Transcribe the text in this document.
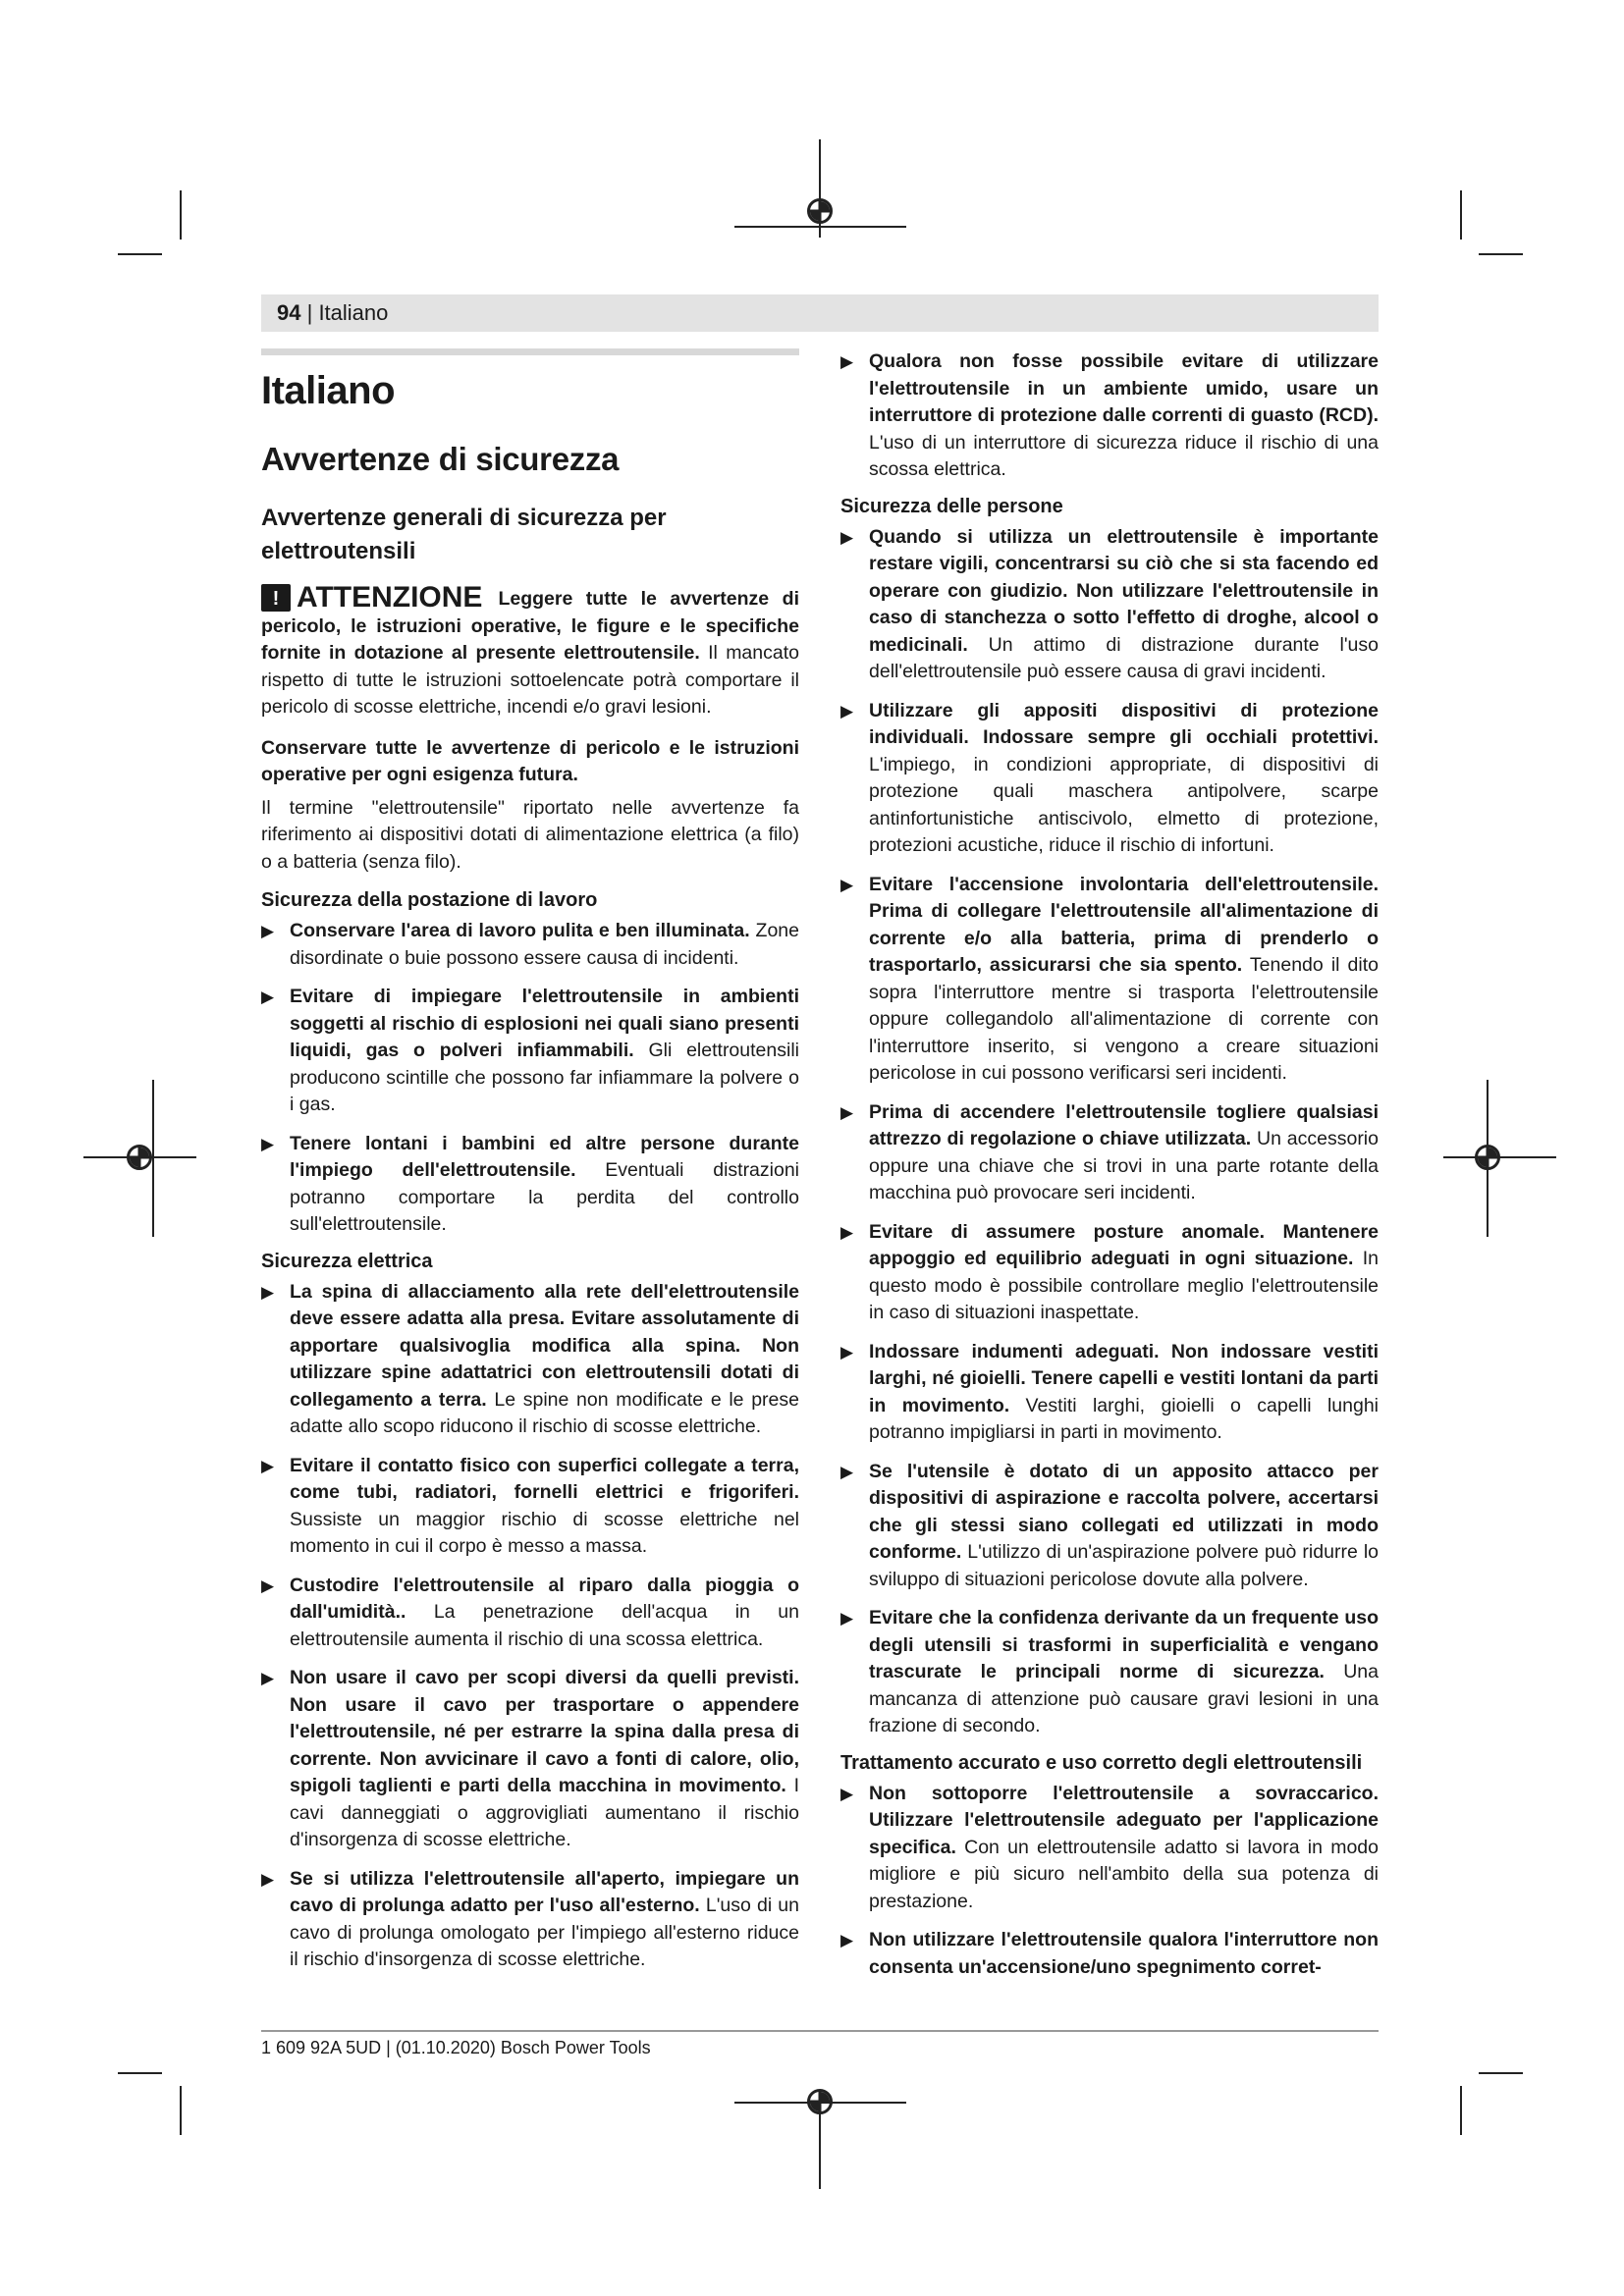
94 | Italiano
Italiano
Avvertenze di sicurezza
Avvertenze generali di sicurezza per elettroutensili
! ATTENZIONE Leggere tutte le avvertenze di pericolo, le istruzioni operative, le figure e le specifiche fornite in dotazione al presente elettroutensile. Il mancato rispetto di tutte le istruzioni sottoelencate potrà comportare il pericolo di scosse elettriche, incendi e/o gravi lesioni.

Conservare tutte le avvertenze di pericolo e le istruzioni operative per ogni esigenza futura.

Il termine "elettroutensile" riportato nelle avvertenze fa riferimento ai dispositivi dotati di alimentazione elettrica (a filo) o a batteria (senza filo).

Sicurezza della postazione di lavoro
▶ Conservare l'area di lavoro pulita e ben illuminata. Zone disordinate o buie possono essere causa di incidenti.
▶ Evitare di impiegare l'elettroutensile in ambienti soggetti al rischio di esplosioni nei quali siano presenti liquidi, gas o polveri infiammabili. Gli elettroutensili producono scintille che possono far infiammare la polvere o i gas.
▶ Tenere lontani i bambini ed altre persone durante l'impiego dell'elettroutensile. Eventuali distrazioni potranno comportare la perdita del controllo sull'elettroutensile.
Sicurezza elettrica
▶ La spina di allacciamento alla rete dell'elettroutensile deve essere adatta alla presa. Evitare assolutamente di apportare qualsivoglia modifica alla spina. Non utilizzare spine adattatrici con elettroutensili dotati di collegamento a terra. Le spine non modificate e le prese adatte allo scopo riducono il rischio di scosse elettriche.
▶ Evitare il contatto fisico con superfici collegate a terra, come tubi, radiatori, fornelli elettrici e frigoriferi. Sussiste un maggior rischio di scosse elettriche nel momento in cui il corpo è messo a massa.
▶ Custodire l'elettroutensile al riparo dalla pioggia o dall'umidità.. La penetrazione dell'acqua in un elettroutensile aumenta il rischio di una scossa elettrica.
▶ Non usare il cavo per scopi diversi da quelli previsti. Non usare il cavo per trasportare o appendere l'elettroutensile, né per estrarre la spina dalla presa di corrente. Non avvicinare il cavo a fonti di calore, olio, spigoli taglienti e parti della macchina in movimento. I cavi danneggiati o aggrovigliati aumentano il rischio d'insorgenza di scosse elettriche.
▶ Se si utilizza l'elettroutensile all'aperto, impiegare un cavo di prolunga adatto per l'uso all'esterno. L'uso di un cavo di prolunga omologato per l'impiego all'esterno riduce il rischio d'insorgenza di scosse elettriche.
▶ Qualora non fosse possibile evitare di utilizzare l'elettroutensile in un ambiente umido, usare un interruttore di protezione dalle correnti di guasto (RCD). L'uso di un interruttore di sicurezza riduce il rischio di una scossa elettrica.
Sicurezza delle persone
▶ Quando si utilizza un elettroutensile è importante restare vigili, concentrarsi su ciò che si sta facendo ed operare con giudizio. Non utilizzare l'elettroutensile in caso di stanchezza o sotto l'effetto di droghe, alcool o medicinali. Un attimo di distrazione durante l'uso dell'elettroutensile può essere causa di gravi incidenti.
▶ Utilizzare gli appositi dispositivi di protezione individuali. Indossare sempre gli occhiali protettivi. L'impiego, in condizioni appropriate, di dispositivi di protezione quali maschera antipolvere, scarpe antinfortunistiche antiscivolo, elmetto di protezione, protezioni acustiche, riduce il rischio di infortuni.
▶ Evitare l'accensione involontaria dell'elettroutensile. Prima di collegare l'elettroutensile all'alimentazione di corrente e/o alla batteria, prima di prenderlo o trasportarlo, assicurarsi che sia spento. Tenendo il dito sopra l'interruttore mentre si trasporta l'elettroutensile oppure collegandolo all'alimentazione di corrente con l'interruttore inserito, si vengono a creare situazioni pericolose in cui possono verificarsi seri incidenti.
▶ Prima di accendere l'elettroutensile togliere qualsiasi attrezzo di regolazione o chiave utilizzata. Un accessorio oppure una chiave che si trovi in una parte rotante della macchina può provocare seri incidenti.
▶ Evitare di assumere posture anomale. Mantenere appoggio ed equilibrio adeguati in ogni situazione. In questo modo è possibile controllare meglio l'elettroutensile in caso di situazioni inaspettate.
▶ Indossare indumenti adeguati. Non indossare vestiti larghi, né gioielli. Tenere capelli e vestiti lontani da parti in movimento. Vestiti larghi, gioielli o capelli lunghi potranno impigliarsi in parti in movimento.
▶ Se l'utensile è dotato di un apposito attacco per dispositivi di aspirazione e raccolta polvere, accertarsi che gli stessi siano collegati ed utilizzati in modo conforme. L'utilizzo di un'aspirazione polvere può ridurre lo sviluppo di situazioni pericolose dovute alla polvere.
▶ Evitare che la confidenza derivante da un frequente uso degli utensili si trasformi in superficialità e vengano trascurate le principali norme di sicurezza. Una mancanza di attenzione può causare gravi lesioni in una frazione di secondo.
Trattamento accurato e uso corretto degli elettroutensili
▶ Non sottoporre l'elettroutensile a sovraccarico. Utilizzare l'elettroutensile adeguato per l'applicazione specifica. Con un elettroutensile adatto si lavora in modo migliore e più sicuro nell'ambito della sua potenza di prestazione.
▶ Non utilizzare l'elettroutensile qualora l'interruttore non consenta un'accensione/uno spegnimento corret-
1 609 92A 5UD | (01.10.2020) Bosch Power Tools
